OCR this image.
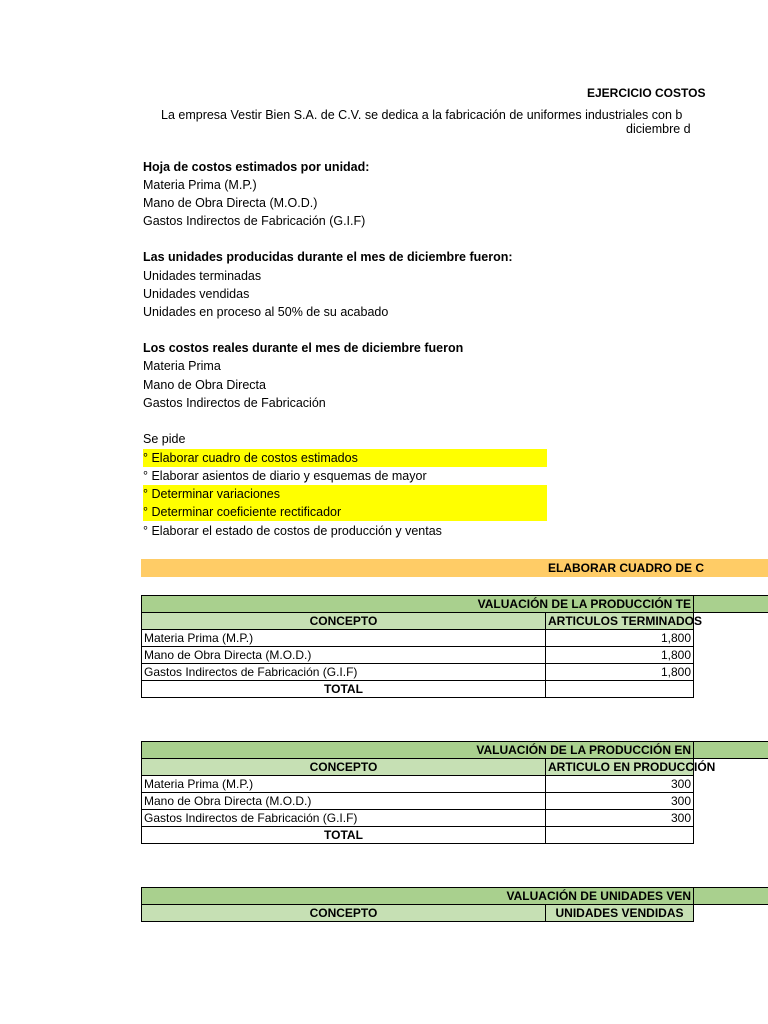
EJERCICIO COSTOS
La empresa Vestir Bien S.A. de C.V. se dedica a la fabricación de uniformes industriales con b
diciembre d
Hoja de costos estimados por unidad:
Materia Prima (M.P.)
Mano de Obra Directa (M.O.D.)
Gastos Indirectos de Fabricación (G.I.F)
Las unidades producidas durante el mes de diciembre fueron:
Unidades terminadas
Unidades vendidas
Unidades en proceso al 50% de su acabado
Los costos reales durante el mes de diciembre fueron
Materia Prima
Mano de Obra Directa
Gastos Indirectos de Fabricación
Se pide
° Elaborar cuadro de costos estimados
° Elaborar asientos de diario y esquemas de mayor
° Determinar variaciones
° Determinar coeficiente rectificador
° Elaborar el estado de costos de producción y ventas
ELABORAR CUADRO DE C
VALUACIÓN DE LA PRODUCCIÓN TE	
CONCEPTO	ARTICULOS TERMINADOS
Materia Prima (M.P.)	1,800
Mano de Obra Directa (M.O.D.)	1,800
Gastos Indirectos de Fabricación (G.I.F)	1,800
TOTAL	
VALUACIÓN DE LA PRODUCCIÓN EN	
CONCEPTO	ARTICULO EN PRODUCCIÓN
Materia Prima (M.P.)	300
Mano de Obra Directa (M.O.D.)	300
Gastos Indirectos de Fabricación (G.I.F)	300
TOTAL	
VALUACIÓN DE UNIDADES VEN
CONCEPTO	UNIDADES VENDIDAS
